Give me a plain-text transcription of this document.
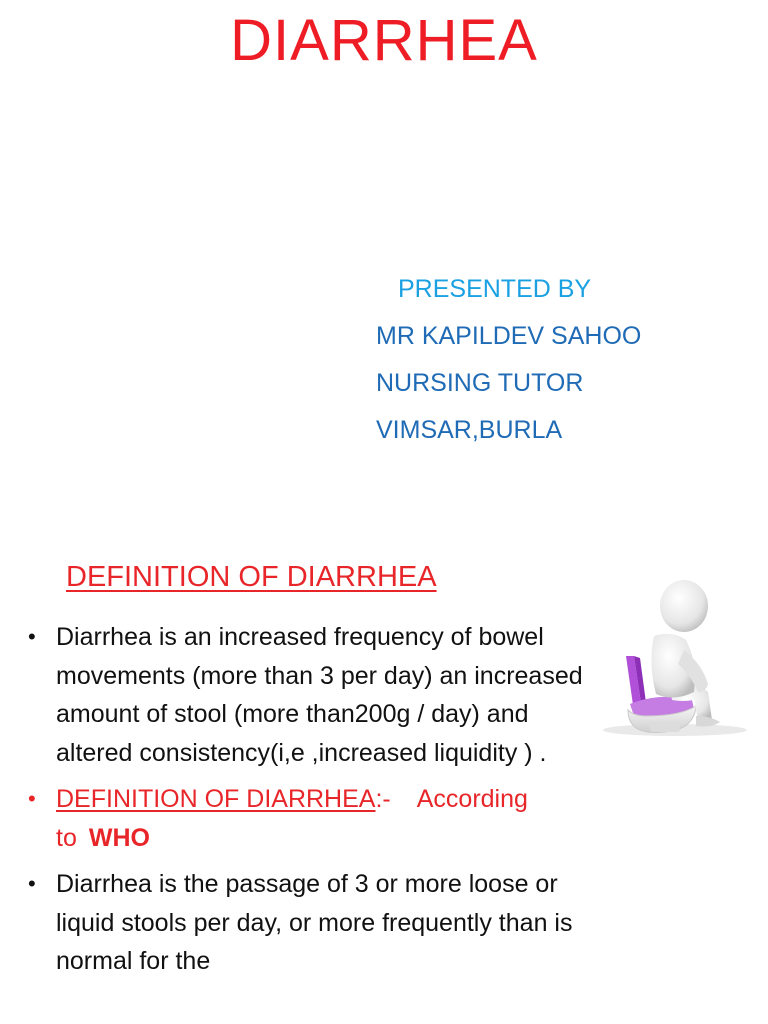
DIARRHEA
PRESENTED BY
MR KAPILDEV SAHOO
NURSING TUTOR
VIMSAR,BURLA
DEFINITION OF DIARRHEA
• Diarrhea is an increased frequency of bowel movements (more than 3 per day) an increased amount of stool (more than200g / day) and altered consistency(i,e ,increased liquidity ) .
• DEFINITION OF DIARRHEA:- According
to WHO
• Diarrhea is the passage of 3 or more loose or liquid stools per day, or more frequently than is normal for the
